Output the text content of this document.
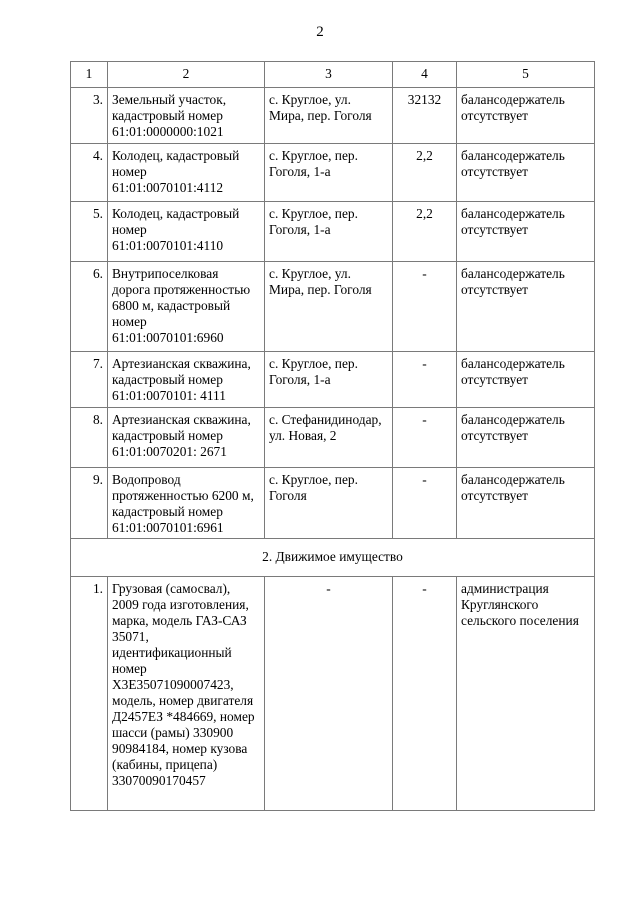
2
1	2	3	4	5
3.	Земельный участок, кадастровый номер 61:01:0000000:1021	с. Круглое, ул. Мира, пер. Гоголя	32132	балансодержатель отсутствует
4.	Колодец, кадастровый номер 61:01:0070101:4112	с. Круглое, пер. Гоголя, 1-а	2,2	балансодержатель отсутствует
5.	Колодец, кадастровый номер 61:01:0070101:4110	с. Круглое, пер. Гоголя, 1-а	2,2	балансодержатель отсутствует
6.	Внутрипоселковая дорога протяженностью 6800 м, кадастровый номер 61:01:0070101:6960	с. Круглое, ул. Мира, пер. Гоголя	-	балансодержатель отсутствует
7.	Артезианская скважина, кадастровый номер 61:01:0070101: 4111	с. Круглое, пер. Гоголя, 1-а	-	балансодержатель отсутствует
8.	Артезианская скважина, кадастровый номер 61:01:0070201: 2671	с. Стефанидинодар, ул. Новая, 2	-	балансодержатель отсутствует
9.	Водопровод протяженностью 6200 м, кадастровый номер 61:01:0070101:6961	с. Круглое, пер. Гоголя	-	балансодержатель отсутствует
2. Движимое имущество				
1.	Грузовая (самосвал), 2009 года изготовления, марка, модель ГАЗ-САЗ 35071, идентификационный номер X3E35071090007423, модель, номер двигателя Д2457ЕЗ *484669, номер шасси (рамы) 330900 90984184, номер кузова (кабины, прицепа) 33070090170457	-	-	администрация Круглянского сельского поселения
